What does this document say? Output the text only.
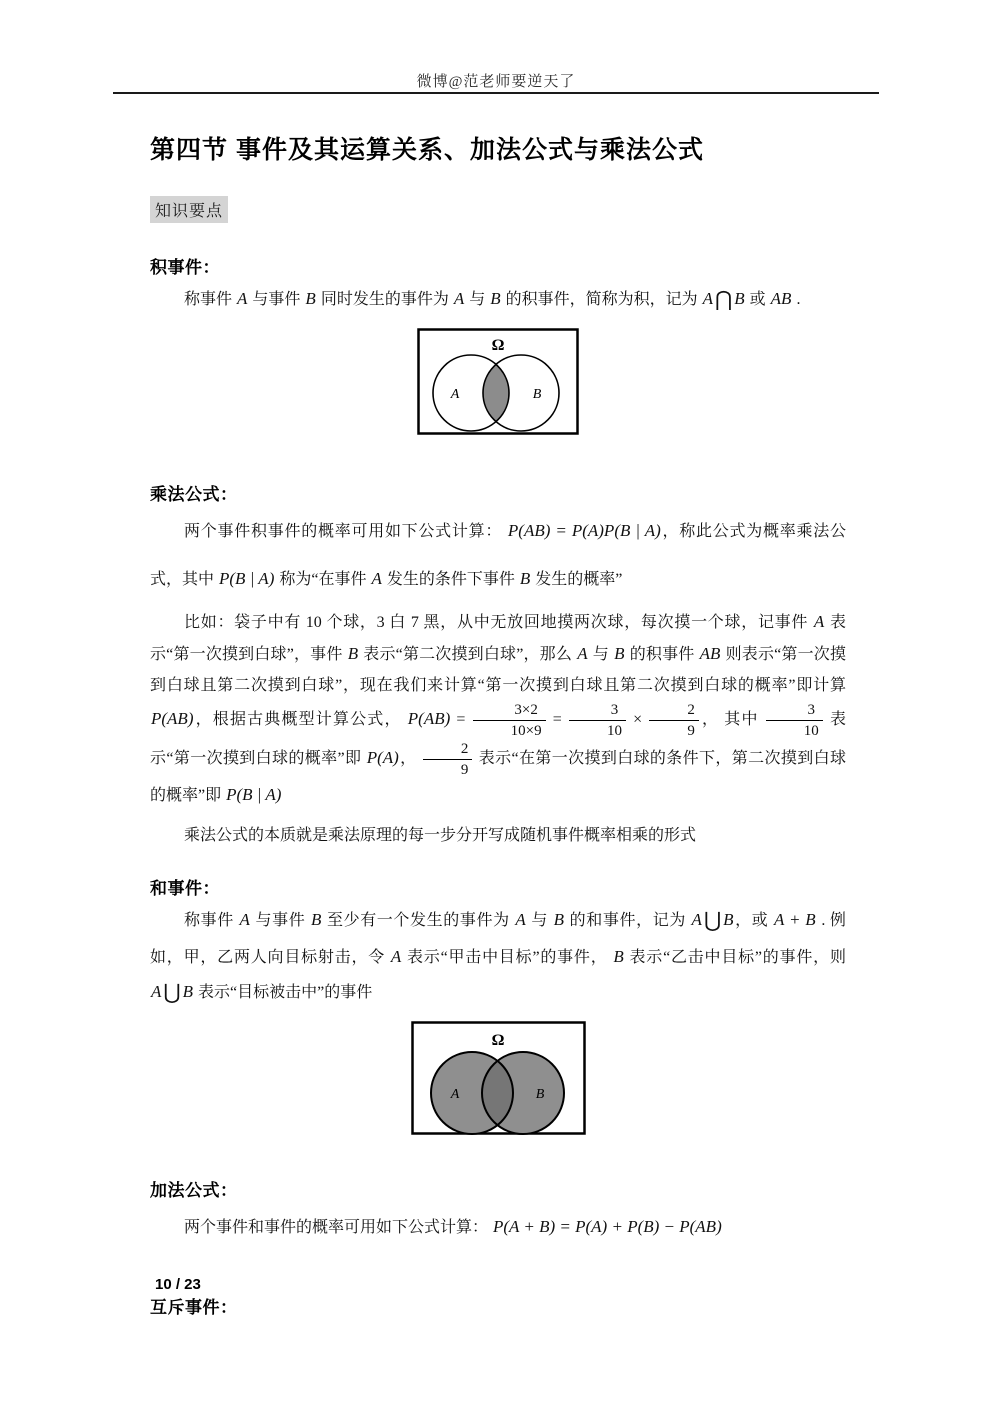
微博@范老师要逆天了
第四节 事件及其运算关系、加法公式与乘法公式
知识要点
积事件：

称事件 A 与事件 B 同时发生的事件为 A 与 B 的积事件，简称为积，记为 A⋂ B 或 AB .

Ω
A	B
乘法公式：

两个事件积事件的概率可用如下公式计算： P(AB) = P(A)P(B | A)，称此公式为概率乘法公式，其中 P(B | A) 称为“在事件 A 发生的条件下事件 B 发生的概率”

比如：袋子中有 10 个球，3 白 7 黑，从中无放回地摸两次球，每次摸一个球，记事件 A 表示“第一次摸到白球”，事件 B 表示“第二次摸到白球”，那么 A 与 B 的积事件 AB 则表示“第一次摸到白球且第二次摸到白球”，现在我们来计算“第一次摸到白球且第二次摸到白球的概率”即计算 P(AB)，根据古典概型计算公式， $P(AB) = \frac{3\times 2}{10\times 9} = \frac{3}{10} \times \frac{2}{9}$ ， 其中 $\frac{3}{10}$ 表示“第一次摸到白球的概率”即 P(A)， $\frac{2}{9}$ 表示“在第一次摸到白球的条件下，第二次摸到白球的概率”即 P(B | A)

乘法公式的本质就是乘法原理的每一步分开写成随机事件概率相乘的形式

和事件：

称事件 A 与事件 B 至少有一个发生的事件为 A 与 B 的和事件，记为 A⋃ B，或 A + B . 例如，甲，乙两人向目标射击，令 A 表示“甲击中目标”的事件， B 表示“乙击中目标”的事件，则 A⋃ B 表示“目标被击中”的事件

Ω
A	B
加法公式：

两个事件和事件的概率可用如下公式计算： P(A + B) = P(A) + P(B) − P(AB)

互斥事件：
10 / 23
